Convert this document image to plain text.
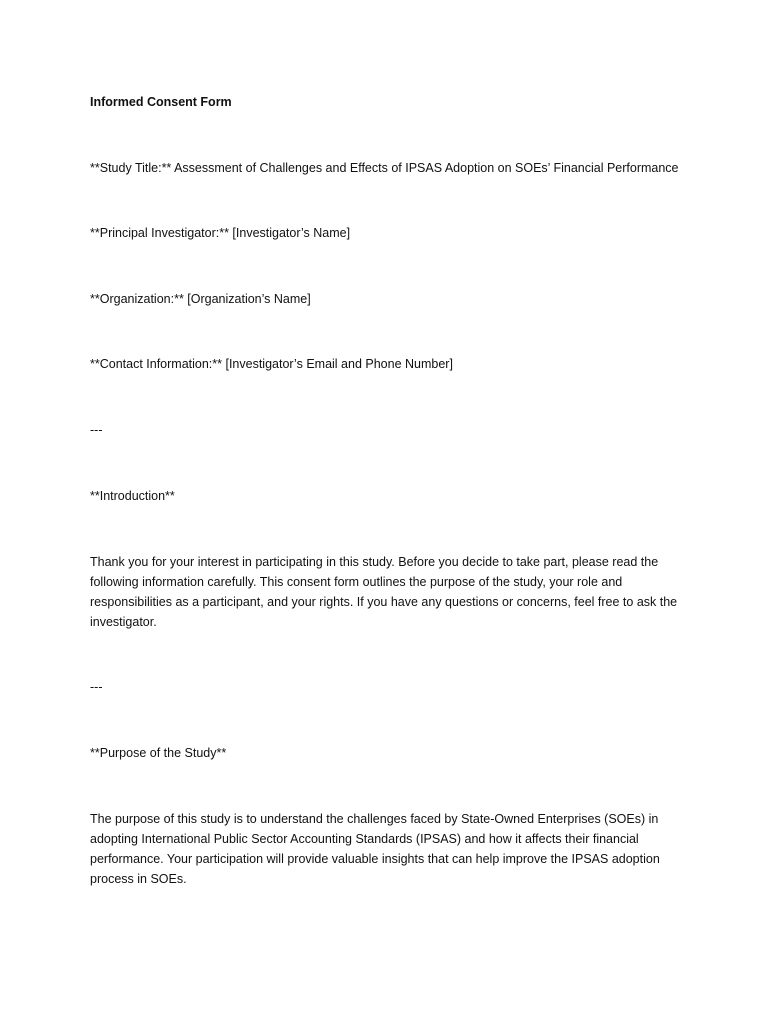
Informed Consent Form
**Study Title:** Assessment of Challenges and Effects of IPSAS Adoption on SOEs’ Financial Performance
**Principal Investigator:** [Investigator’s Name]
**Organization:** [Organization’s Name]
**Contact Information:** [Investigator’s Email and Phone Number]
---
**Introduction**
Thank you for your interest in participating in this study. Before you decide to take part, please read the following information carefully. This consent form outlines the purpose of the study, your role and responsibilities as a participant, and your rights. If you have any questions or concerns, feel free to ask the investigator.
---
**Purpose of the Study**
The purpose of this study is to understand the challenges faced by State-Owned Enterprises (SOEs) in adopting International Public Sector Accounting Standards (IPSAS) and how it affects their financial performance. Your participation will provide valuable insights that can help improve the IPSAS adoption process in SOEs.
